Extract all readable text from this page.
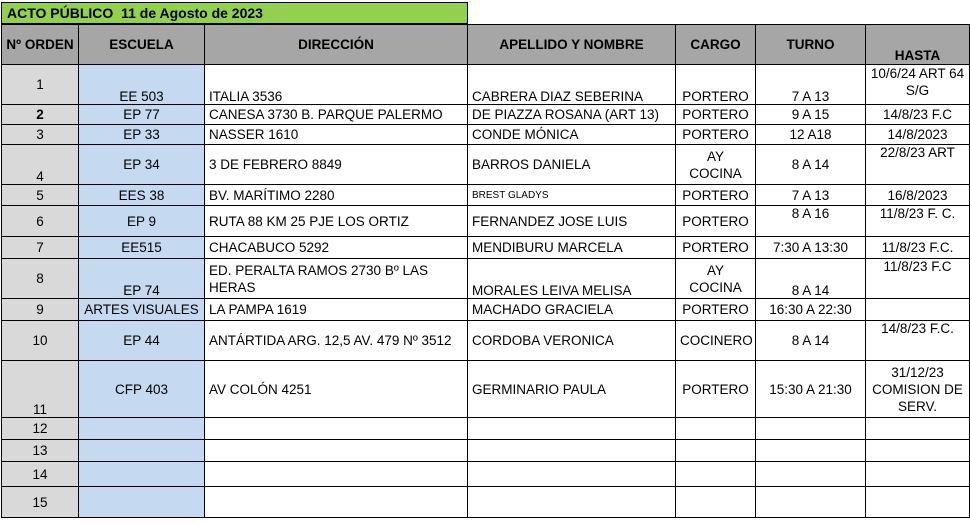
ACTO PÚBLICO  11 de Agosto de 2023
Nº ORDEN	ESCUELA	DIRECCIÓN	APELLIDO Y NOMBRE	CARGO	TURNO	HASTA
1	EE 503	ITALIA 3536	CABRERA DIAZ SEBERINA	PORTERO	7 A 13	10/6/24 ART 64 S/G
2	EP 77	CANESA 3730 B. PARQUE PALERMO	DE PIAZZA ROSANA (ART 13)	PORTERO	9 A 15	14/8/23 F.C
3	EP 33	NASSER 1610	CONDE MÓNICA	PORTERO	12 A18	14/8/2023
4	EP 34	3 DE FEBRERO 8849	BARROS DANIELA	AY COCINA	8 A 14	22/8/23 ART
5	EES 38	BV. MARÍTIMO 2280	BREST GLADYS	PORTERO	7 A 13	16/8/2023
6	EP 9	RUTA 88 KM 25 PJE LOS ORTIZ	FERNANDEZ JOSE LUIS	PORTERO	8 A 16	11/8/23 F. C.
7	EE515	CHACABUCO 5292	MENDIBURU MARCELA	PORTERO	7:30 A 13:30	11/8/23 F.C.
8	EP 74	ED. PERALTA RAMOS 2730 Bº LAS HERAS	MORALES LEIVA MELISA	AY COCINA	8 A 14	11/8/23 F.C
9	ARTES VISUALES	LA PAMPA 1619	MACHADO GRACIELA	PORTERO	16:30 A 22:30	
10	EP 44	ANTÁRTIDA ARG. 12,5 AV. 479 Nº 3512	CORDOBA VERONICA	COCINERO	8 A 14	14/8/23 F.C.
11	CFP 403	AV COLÓN 4251	GERMINARIO PAULA	PORTERO	15:30 A 21:30	31/12/23 COMISION DE SERV.
12						
13						
14						
15						
